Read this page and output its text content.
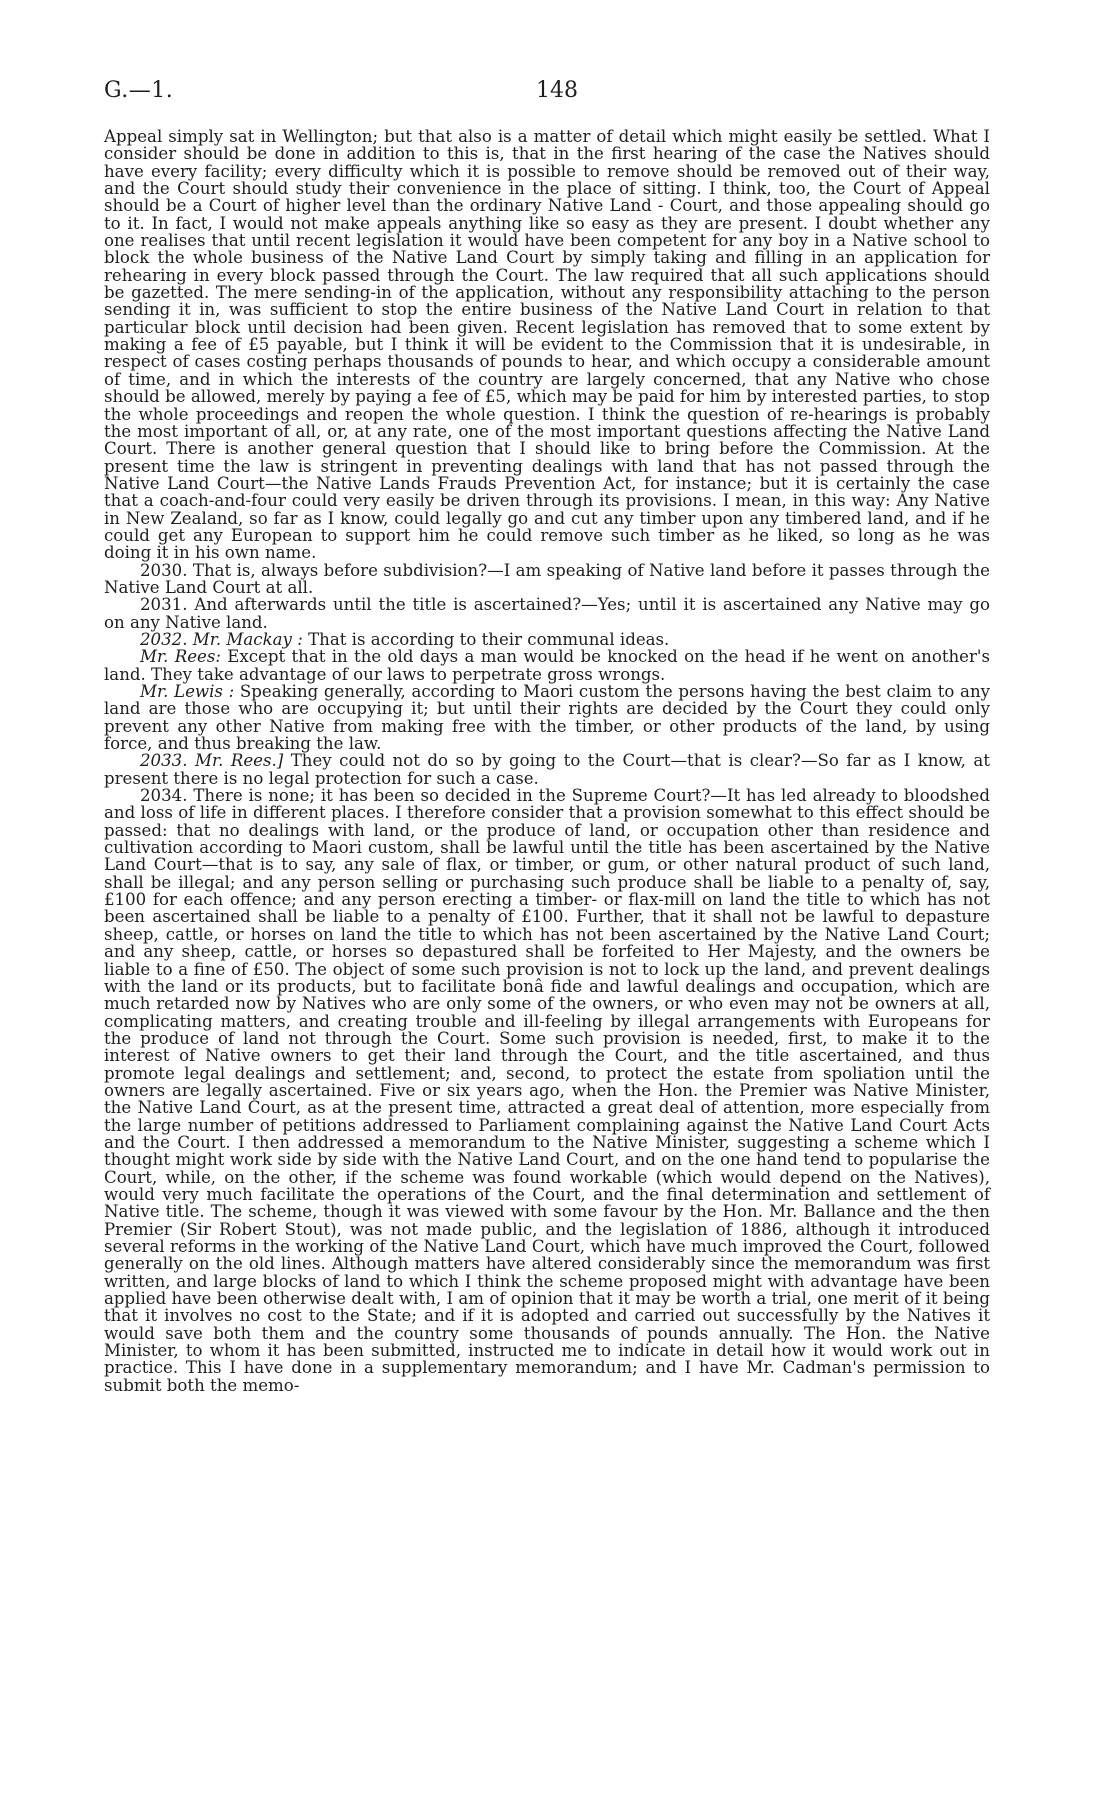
G.—1.	148

Appeal simply sat in Wellington; but that also is a matter of detail which might easily be settled. What I consider should be done in addition to this is, that in the first hearing of the case the Natives should have every facility; every difficulty which it is possible to remove should be removed out of their way, and the Court should study their convenience in the place of sitting. I think, too, the Court of Appeal should be a Court of higher level than the ordinary Native Land - Court, and those appealing should go to it. In fact, I would not make appeals anything like so easy as they are present. I doubt whether any one realises that until recent legislation it would have been competent for any boy in a Native school to block the whole business of the Native Land Court by simply taking and filling in an application for rehearing in every block passed through the Court. The law required that all such applications should be gazetted. The mere sending-in of the application, without any responsibility attaching to the person sending it in, was sufficient to stop the entire business of the Native Land Court in relation to that particular block until decision had been given. Recent legislation has removed that to some extent by making a fee of £5 payable, but I think it will be evident to the Commission that it is undesirable, in respect of cases costing perhaps thousands of pounds to hear, and which occupy a considerable amount of time, and in which the interests of the country are largely concerned, that any Native who chose should be allowed, merely by paying a fee of £5, which may be paid for him by interested parties, to stop the whole proceedings and reopen the whole question. I think the question of re-hearings is probably the most important of all, or, at any rate, one of the most important questions affecting the Native Land Court. There is another general question that I should like to bring before the Commission. At the present time the law is stringent in preventing dealings with land that has not passed through the Native Land Court—the Native Lands Frauds Prevention Act, for instance; but it is certainly the case that a coach-and-four could very easily be driven through its provisions. I mean, in this way: Any Native in New Zealand, so far as I know, could legally go and cut any timber upon any timbered land, and if he could get any European to support him he could remove such timber as he liked, so long as he was doing it in his own name.

2030. That is, always before subdivision?—I am speaking of Native land before it passes through the Native Land Court at all.

2031. And afterwards until the title is ascertained?—Yes; until it is ascertained any Native may go on any Native land.

2032. Mr. Mackay : That is according to their communal ideas.

Mr. Rees: Except that in the old days a man would be knocked on the head if he went on another's land. They take advantage of our laws to perpetrate gross wrongs.

Mr. Lewis : Speaking generally, according to Maori custom the persons having the best claim to any land are those who are occupying it; but until their rights are decided by the Court they could only prevent any other Native from making free with the timber, or other products of the land, by using force, and thus breaking the law.

2033. Mr. Rees.] They could not do so by going to the Court—that is clear?—So far as I know, at present there is no legal protection for such a case.

2034. There is none; it has been so decided in the Supreme Court?—It has led already to bloodshed and loss of life in different places. I therefore consider that a provision somewhat to this effect should be passed: that no dealings with land, or the produce of land, or occupation other than residence and cultivation according to Maori custom, shall be lawful until the title has been ascertained by the Native Land Court—that is to say, any sale of flax, or timber, or gum, or other natural product of such land, shall be illegal; and any person selling or purchasing such produce shall be liable to a penalty of, say, £100 for each offence; and any person erecting a timber- or flax-mill on land the title to which has not been ascertained shall be liable to a penalty of £100. Further, that it shall not be lawful to depasture sheep, cattle, or horses on land the title to which has not been ascertained by the Native Land Court; and any sheep, cattle, or horses so depastured shall be forfeited to Her Majesty, and the owners be liable to a fine of £50. The object of some such provision is not to lock up the land, and prevent dealings with the land or its products, but to facilitate bonâ fide and lawful dealings and occupation, which are much retarded now by Natives who are only some of the owners, or who even may not be owners at all, complicating matters, and creating trouble and ill-feeling by illegal arrangements with Europeans for the produce of land not through the Court. Some such provision is needed, first, to make it to the interest of Native owners to get their land through the Court, and the title ascertained, and thus promote legal dealings and settlement; and, second, to protect the estate from spoliation until the owners are legally ascertained. Five or six years ago, when the Hon. the Premier was Native Minister, the Native Land Court, as at the present time, attracted a great deal of attention, more especially from the large number of petitions addressed to Parliament complaining against the Native Land Court Acts and the Court. I then addressed a memorandum to the Native Minister, suggesting a scheme which I thought might work side by side with the Native Land Court, and on the one hand tend to popularise the Court, while, on the other, if the scheme was found workable (which would depend on the Natives), would very much facilitate the operations of the Court, and the final determination and settlement of Native title. The scheme, though it was viewed with some favour by the Hon. Mr. Ballance and the then Premier (Sir Robert Stout), was not made public, and the legislation of 1886, although it introduced several reforms in the working of the Native Land Court, which have much improved the Court, followed generally on the old lines. Although matters have altered considerably since the memorandum was first written, and large blocks of land to which I think the scheme proposed might with advantage have been applied have been otherwise dealt with, I am of opinion that it may be worth a trial, one merit of it being that it involves no cost to the State; and if it is adopted and carried out successfully by the Natives it would save both them and the country some thousands of pounds annually. The Hon. the Native Minister, to whom it has been submitted, instructed me to indicate in detail how it would work out in practice. This I have done in a supplementary memorandum; and I have Mr. Cadman's permission to submit both the memo-
